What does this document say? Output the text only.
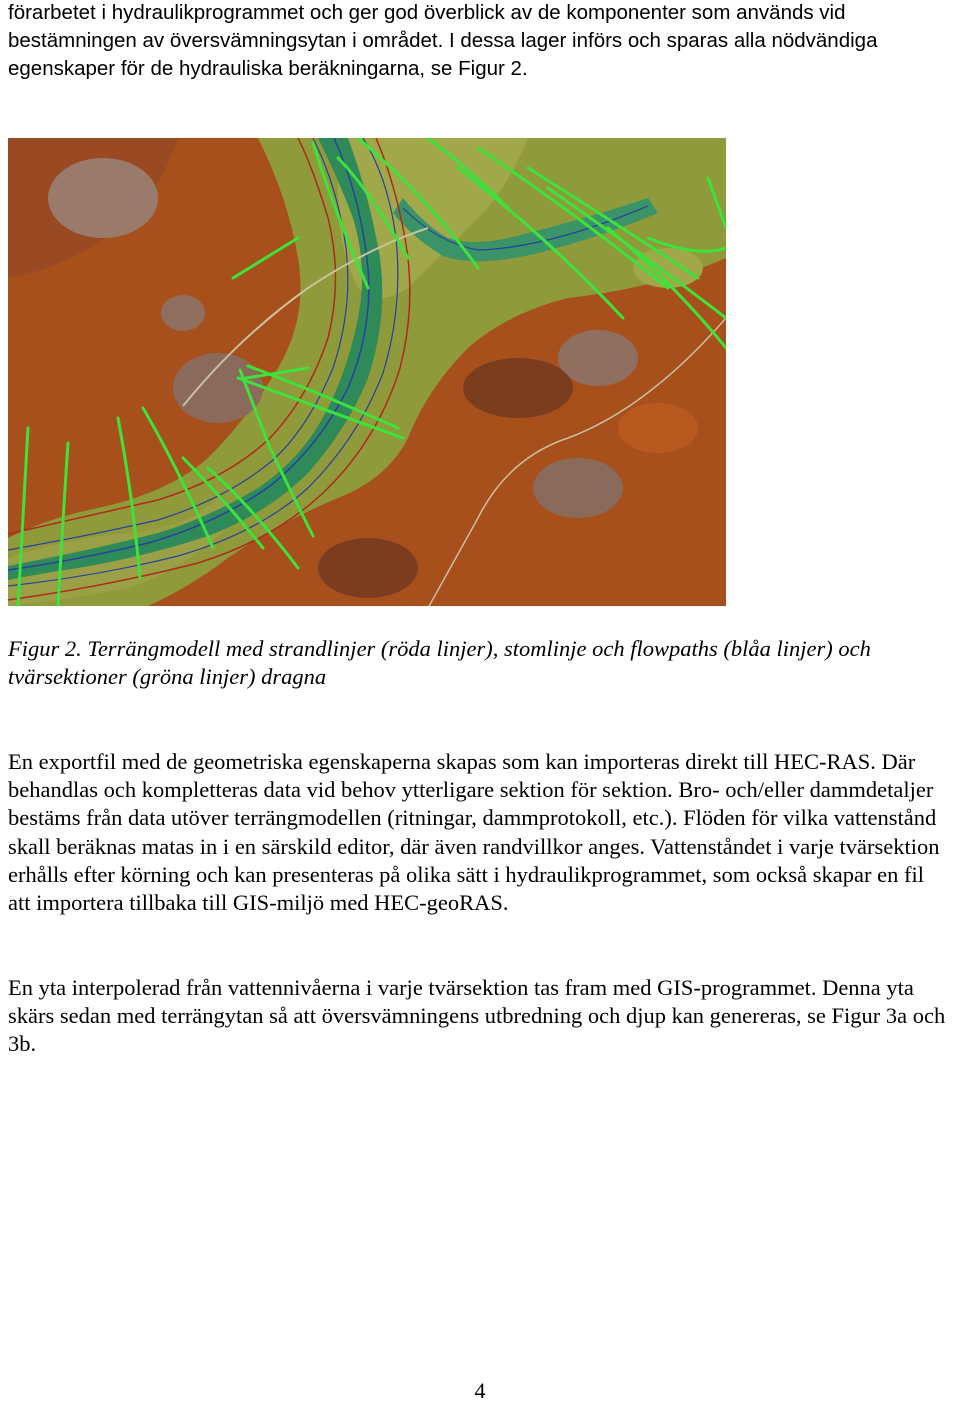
förarbetet i hydraulikprogrammet och ger god överblick av de komponenter som används vid bestämningen av översvämningsytan i området. I dessa lager införs och sparas alla nödvändiga egenskaper för de hydrauliska beräkningarna, se Figur 2.

Figur 2. Terrängmodell med strandlinjer (röda linjer), stomlinje och flowpaths (blåa linjer) och tvärsektioner (gröna linjer) dragna

En exportfil med de geometriska egenskaperna skapas som kan importeras direkt till HEC-RAS. Där behandlas och kompletteras data vid behov ytterligare sektion för sektion. Bro- och/eller dammdetaljer bestäms från data utöver terrängmodellen (ritningar, dammprotokoll, etc.). Flöden för vilka vattenstånd skall beräknas matas in i en särskild editor, där även randvillkor anges. Vattenståndet i varje tvärsektion erhålls efter körning och kan presenteras på olika sätt i hydraulikprogrammet, som också skapar en fil att importera tillbaka till GIS-miljö med HEC-geoRAS.

En yta interpolerad från vattennivåerna i varje tvärsektion tas fram med GIS-programmet. Denna yta skärs sedan med terrängytan så att översvämningens utbredning och djup kan genereras, se Figur 3a och 3b.

4
